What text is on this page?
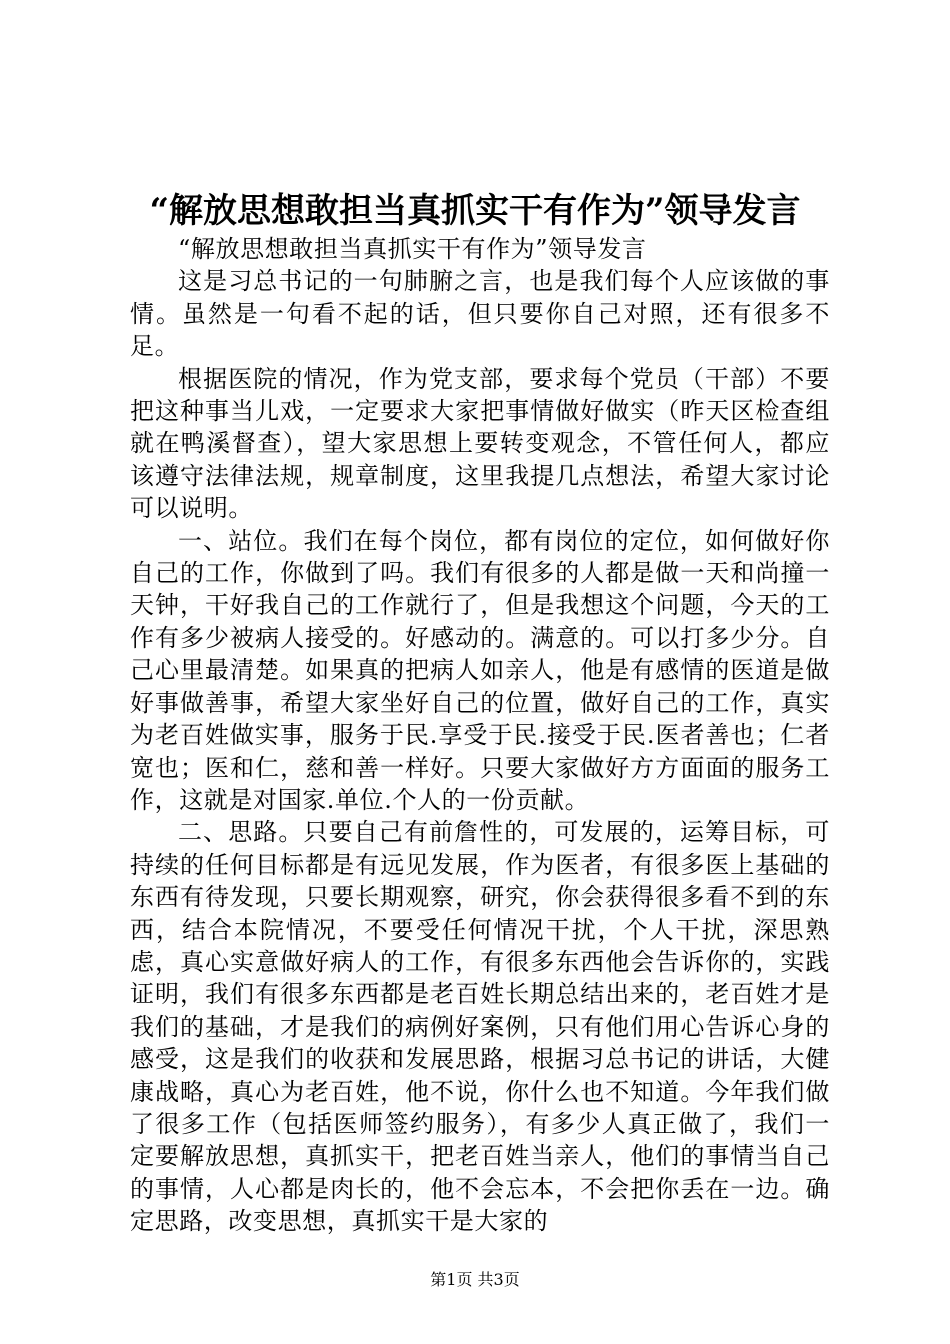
“解放思想敢担当真抓实干有作为”领导发言

“解放思想敢担当真抓实干有作为”领导发言

这是习总书记的一句肺腑之言，也是我们每个人应该做的事情。虽然是一句看不起的话，但只要你自己对照，还有很多不足。

根据医院的情况，作为党支部，要求每个党员（干部）不要把这种事当儿戏，一定要求大家把事情做好做实（昨天区检查组就在鸭溪督查），望大家思想上要转变观念，不管任何人，都应该遵守法律法规，规章制度，这里我提几点想法，希望大家讨论可以说明。

一、站位。我们在每个岗位，都有岗位的定位，如何做好你自己的工作，你做到了吗。我们有很多的人都是做一天和尚撞一天钟，干好我自己的工作就行了，但是我想这个问题，今天的工作有多少被病人接受的。好感动的。满意的。可以打多少分。自己心里最清楚。如果真的把病人如亲人，他是有感情的医道是做好事做善事，希望大家坐好自己的位置，做好自己的工作，真实为老百姓做实事，服务于民.享受于民.接受于民.医者善也；仁者宽也；医和仁，慈和善一样好。只要大家做好方方面面的服务工作，这就是对国家.单位.个人的一份贡献。

二、思路。只要自己有前詹性的，可发展的，运筹目标，可持续的任何目标都是有远见发展，作为医者，有很多医上基础的东西有待发现，只要长期观察，研究，你会获得很多看不到的东西，结合本院情况，不要受任何情况干扰，个人干扰，深思熟虑，真心实意做好病人的工作，有很多东西他会告诉你的，实践证明，我们有很多东西都是老百姓长期总结出来的，老百姓才是我们的基础，才是我们的病例好案例，只有他们用心告诉心身的感受，这是我们的收获和发展思路，根据习总书记的讲话，大健康战略，真心为老百姓，他不说，你什么也不知道。今年我们做了很多工作（包括医师签约服务），有多少人真正做了，我们一定要解放思想，真抓实干，把老百姓当亲人，他们的事情当自己的事情，人心都是肉长的，他不会忘本，不会把你丢在一边。确定思路，改变思想，真抓实干是大家的

第1页 共3页
